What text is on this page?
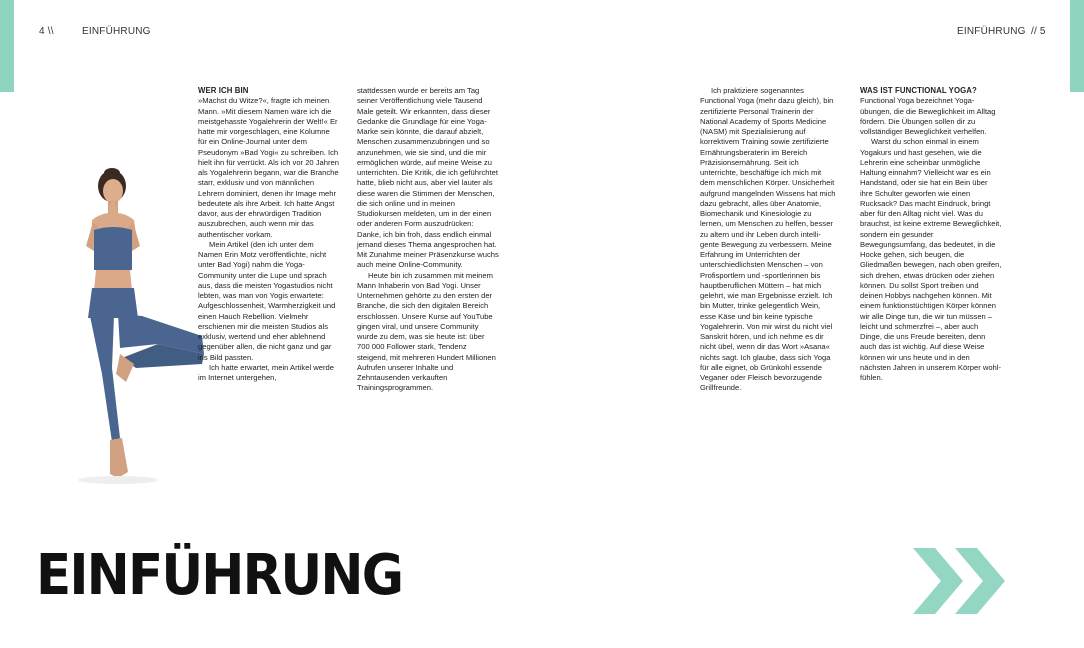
4 \\	EINFÜHRUNG	EINFÜHRUNG // 5

WER ICH BIN

»Machst du Witze?«, fragte ich meinen Mann. »Mit diesem Namen wäre ich die meistgehasste Yogalehrerin der Welt!« Er hatte mir vorgeschlagen, eine Kolumne für ein Online-Journal unter dem Pseudonym »Bad Yogi« zu schreiben. Ich hielt ihn für verrückt. Als ich vor 20 Jahren als Yogalehrerin begann, war die Branche starr, exklusiv und von männlichen Lehrern dominiert, denen ihr Image mehr bedeutete als ihre Arbeit. Ich hatte Angst davor, aus der ehrwürdigen Tradition auszubrechen, auch wenn mir das authentischer vorkam.

Mein Artikel (den ich unter dem Namen Erin Motz veröffentlichte, nicht unter Bad Yogi) nahm die Yoga-Community unter die Lupe und sprach aus, dass die meisten Yogastudios nicht lebten, was man von Yogis erwartete: Aufgeschlossenheit, Warmherzigkeit und einen Hauch Rebellion. Vielmehr erschienen mir die meisten Studios als exklusiv, wertend und eher ablehnend gegenüber allen, die nicht ganz und gar ins Bild passten.

Ich hatte erwartet, mein Artikel werde im Internet untergehen,

stattdessen wurde er bereits am Tag seiner Veröffentlichung viele Tausend Male geteilt. Wir erkannten, dass dieser Gedanke die Grundlage für eine Yoga-Marke sein könnte, die darauf abzielt, Menschen zusammenzubringen und so anzunehmen, wie sie sind, und die mir ermöglichen würde, auf meine Weise zu unterrichten. Die Kritik, die ich geführchtet hatte, blieb nicht aus, aber viel lauter als diese waren die Stimmen der Menschen, die sich online und in meinen Studiokursen meldeten, um in der einen oder anderen Form auszudrücken: Danke, ich bin froh, dass endlich einmal jemand dieses Thema angesprochen hat. Mit Zunahme meiner Präsenzkurse wuchs auch meine Online-Community.

Heute bin ich zusammen mit meinem Mann Inhaberin von Bad Yogi. Unser Unternehmen gehörte zu den ersten der Branche, die sich den digitalen Bereich erschlossen. Unsere Kurse auf YouTube gingen viral, und unsere Community wurde zu dem, was sie heute ist: über 700 000 Follower stark, Tendenz steigend, mit mehreren Hundert Millionen Aufrufen unserer Inhalte und Zehntausenden verkauften Trainingsprogrammen.

Ich praktiziere sogenanntes Functional Yoga (mehr dazu gleich), bin zertifizierte Personal Trainerin der National Academy of Sports Medicine (NASM) mit Spezialisierung auf korrektivem Training sowie zertifizierte Ernährungsberaterin im Bereich Präzisionsernährung. Seit ich unterrichte, beschäftige ich mich mit dem menschlichen Körper. Unsicherheit aufgrund mangelnden Wissens hat mich dazu gebracht, alles über Anatomie, Biomechanik und Kinesiologie zu lernen, um Menschen zu helfen, besser zu altern und ihr Leben durch intelligente Bewegung zu verbessern. Meine Erfahrung im Unterrichten der unterschiedlichsten Menschen – von Profisportlern und -sportlerinnen bis hauptberuflichen Müttern – hat mich gelehrt, wie man Ergebnisse erzielt. Ich bin Mutter, trinke gelegentlich Wein, esse Käse und bin keine typische Yogalehrerin. Von mir wirst du nicht viel Sanskrit hören, und ich nehme es dir nicht übel, wenn dir das Wort »Asana« nichts sagt. Ich glaube, dass sich Yoga für alle eignet, ob Grünkohl essende Veganer oder Fleisch bevorzugende Grillfreunde.

WAS IST FUNCTIONAL YOGA?

Functional Yoga bezeichnet Yogaübungen, die die Beweglichkeit im Alltag fördern. Die Übungen sollen dir zu vollständiger Beweglichkeit verhelfen.

Warst du schon einmal in einem Yogakurs und hast gesehen, wie die Lehrerin eine scheinbar unmögliche Haltung einnahm? Vielleicht war es ein Handstand, oder sie hat ein Bein über ihre Schulter geworfen wie einen Rucksack? Das macht Eindruck, bringt aber für den Alltag nicht viel. Was du brauchst, ist keine extreme Beweglichkeit, sondern ein gesunder Bewegungsumfang, das bedeutet, in die Hocke gehen, sich beugen, die Gliedmaßen bewegen, nach oben greifen, sich drehen, etwas drücken oder ziehen können. Du sollst Sport treiben und deinen Hobbys nachgehen können. Mit einem funktionstüchtigen Körper können wir alle Dinge tun, die wir tun müssen – leicht und schmerzfrei –, aber auch Dinge, die uns Freude bereiten, denn auch das ist wichtig. Auf diese Weise können wir uns heute und in den nächsten Jahren in unserem Körper wohlfühlen.

EINFÜHRUNG
